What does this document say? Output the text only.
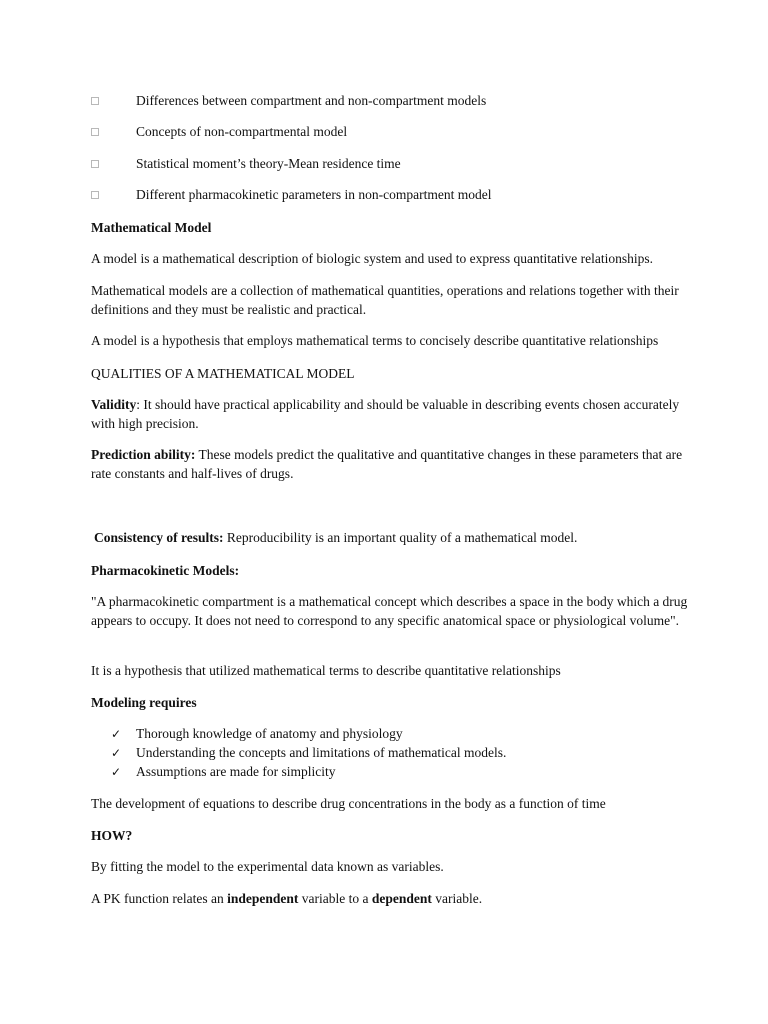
Differences between compartment and non-compartment models
Concepts of non-compartmental model
Statistical moment’s theory-Mean residence time
Different pharmacokinetic parameters in non-compartment model

Mathematical Model

A model is a mathematical description of biologic system and used to express quantitative relationships.

Mathematical models are a collection of mathematical quantities, operations and relations together with their definitions and they must be realistic and practical.

A model is a hypothesis that employs mathematical terms to concisely describe quantitative relationships

QUALITIES OF A MATHEMATICAL MODEL

Validity: It should have practical applicability and should be valuable in describing events chosen accurately with high precision.

Prediction ability: These models predict the qualitative and quantitative changes in these parameters that are rate constants and half-lives of drugs.

Consistency of results: Reproducibility is an important quality of a mathematical model.

Pharmacokinetic Models:

"A pharmacokinetic compartment is a mathematical concept which describes a space in the body which a drug appears to occupy. It does not need to correspond to any specific anatomical space or physiological volume".

It is a hypothesis that utilized mathematical terms to describe quantitative relationships

Modeling requires

✓ Thorough knowledge of anatomy and physiology
✓ Understanding the concepts and limitations of mathematical models.
✓ Assumptions are made for simplicity

The development of equations to describe drug concentrations in the body as a function of time

HOW?

By fitting the model to the experimental data known as variables.

A PK function relates an independent variable to a dependent variable.
